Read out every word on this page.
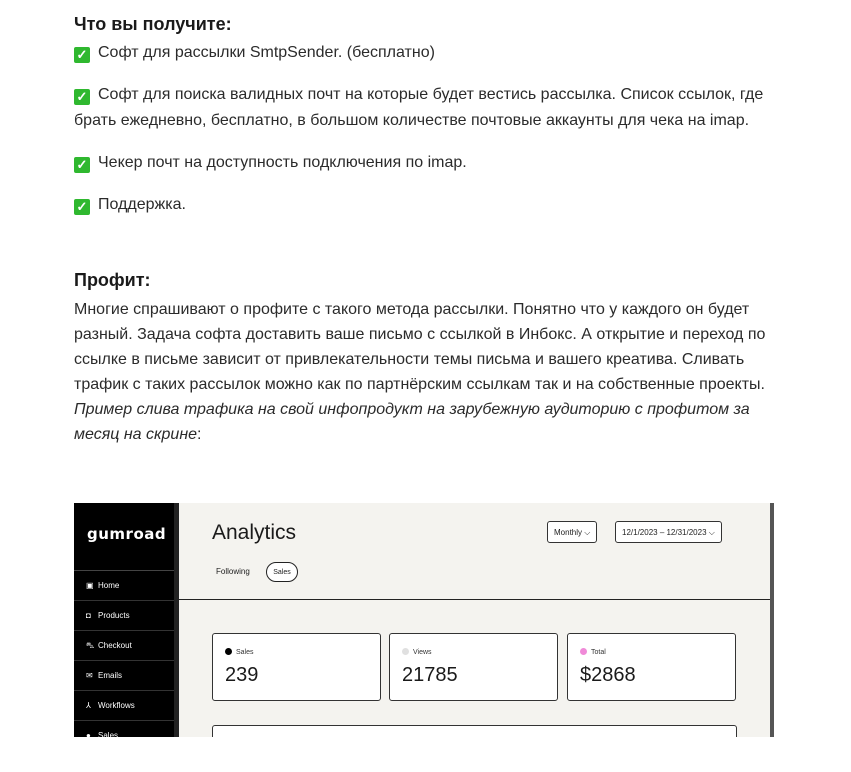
Что вы получите:
✓ Софт для рассылки SmtpSender. (бесплатно)
✓ Софт для поиска валидных почт на которые будет вестись рассылка. Список ссылок, где брать ежедневно, бесплатно, в большом количестве почтовые аккаунты для чека на imap.
✓ Чекер почт на доступность подключения по imap.
✓ Поддержка.
Профит:
Многие спрашивают о профите с такого метода рассылки. Понятно что у каждого он будет разный. Задача софта доставить ваше письмо с ссылкой в Инбокс. А открытие и переход по ссылке в письме зависит от привлекательности темы письма и вашего креатива. Сливать трафик с таких рассылок можно как по партнёрским ссылкам так и на собственные проекты. Пример слива трафика на свой инфопродукт на зарубежную аудиторию с профитом за месяц на скрине:
gumroad
▣ Home
◘ Products
⛍ Checkout
✉ Emails
⅄ Workflows
● Sales
Analytics	Monthly ⌵	12/1/2023 – 12/31/2023 ⌵
Following	Sales
Sales
239
Views
21785
Total
$2868
